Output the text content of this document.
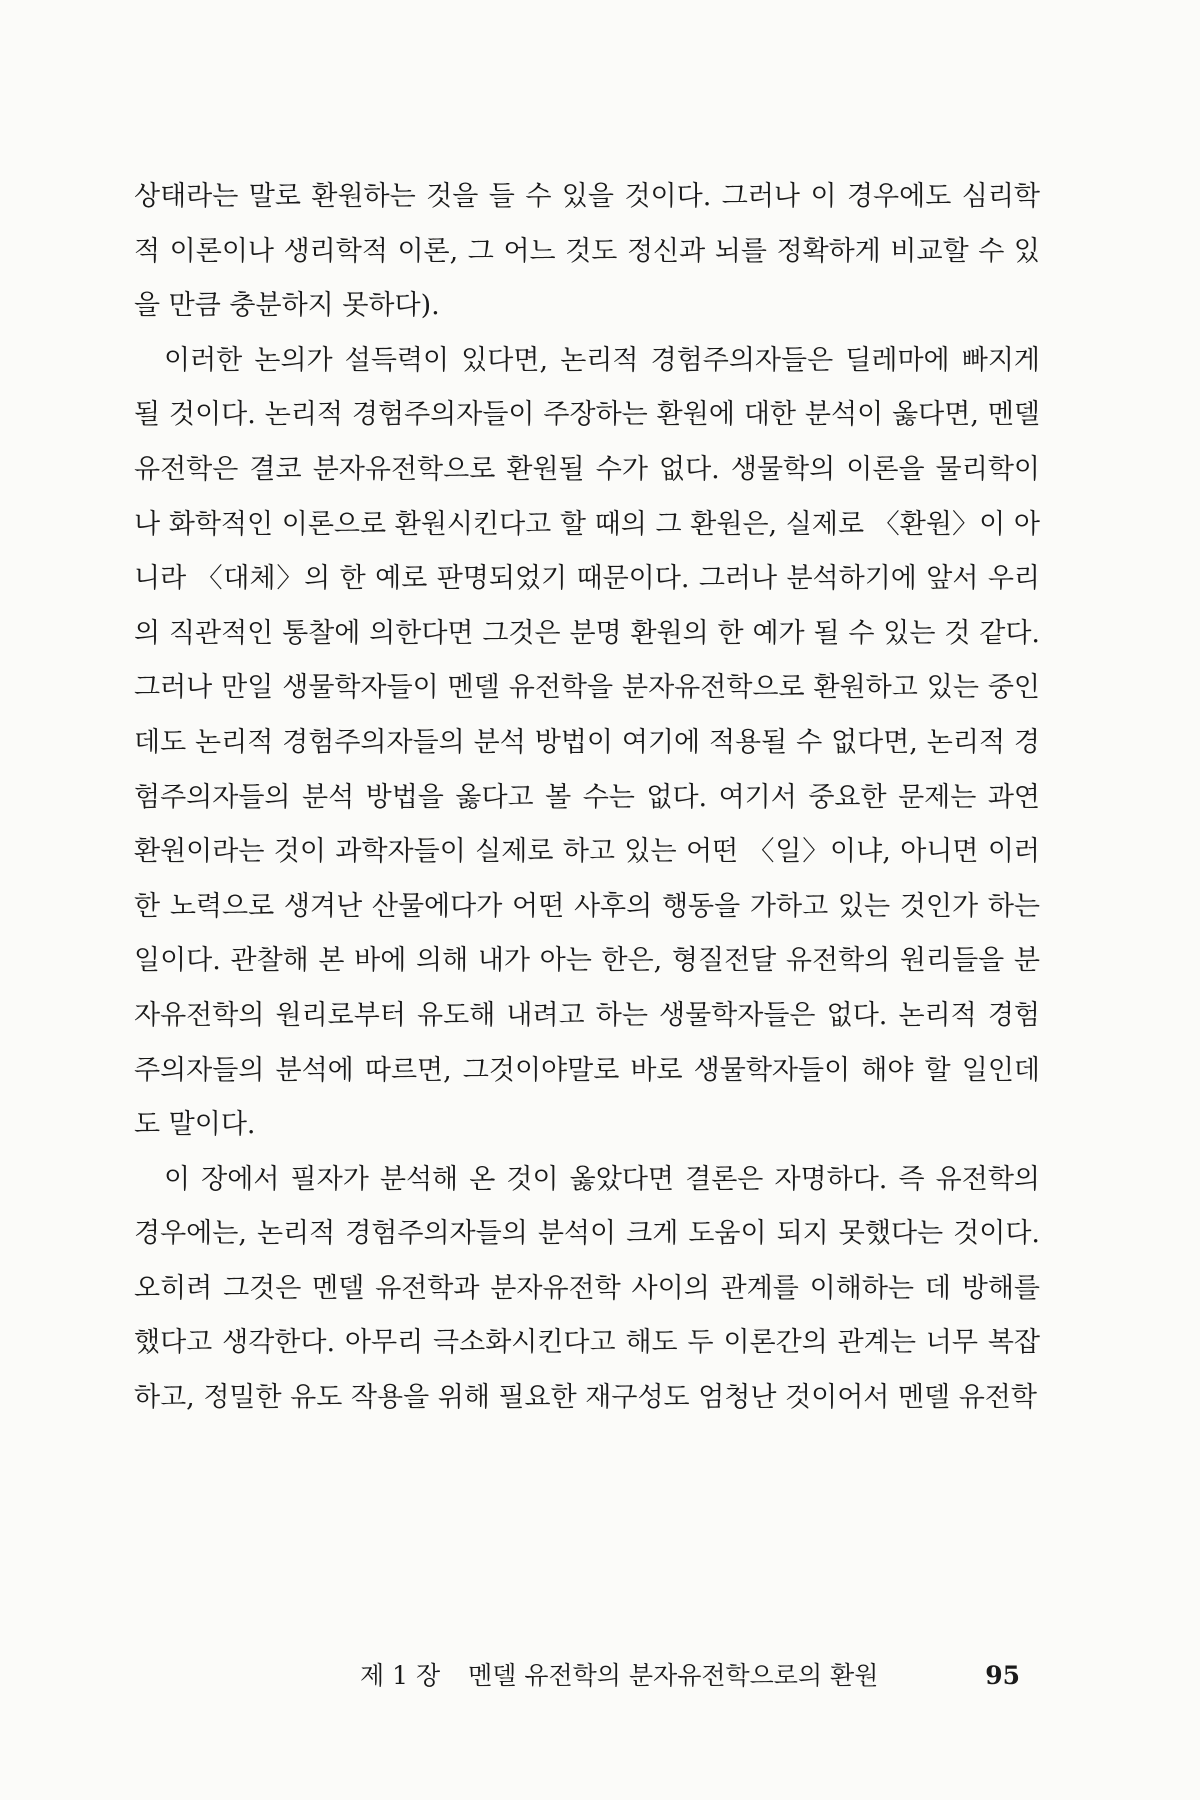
상태라는 말로 환원하는 것을 들 수 있을 것이다. 그러나 이 경우에도 심리학적 이론이나 생리학적 이론, 그 어느 것도 정신과 뇌를 정확하게 비교할 수 있을 만큼 충분하지 못하다).

이러한 논의가 설득력이 있다면, 논리적 경험주의자들은 딜레마에 빠지게 될 것이다. 논리적 경험주의자들이 주장하는 환원에 대한 분석이 옳다면, 멘델 유전학은 결코 분자유전학으로 환원될 수가 없다. 생물학의 이론을 물리학이나 화학적인 이론으로 환원시킨다고 할 때의 그 환원은, 실제로 〈환원〉이 아니라 〈대체〉의 한 예로 판명되었기 때문이다. 그러나 분석하기에 앞서 우리의 직관적인 통찰에 의한다면 그것은 분명 환원의 한 예가 될 수 있는 것 같다. 그러나 만일 생물학자들이 멘델 유전학을 분자유전학으로 환원하고 있는 중인데도 논리적 경험주의자들의 분석 방법이 여기에 적용될 수 없다면, 논리적 경험주의자들의 분석 방법을 옳다고 볼 수는 없다. 여기서 중요한 문제는 과연 환원이라는 것이 과학자들이 실제로 하고 있는 어떤 〈일〉이냐, 아니면 이러한 노력으로 생겨난 산물에다가 어떤 사후의 행동을 가하고 있는 것인가 하는 일이다. 관찰해 본 바에 의해 내가 아는 한은, 형질전달 유전학의 원리들을 분자유전학의 원리로부터 유도해 내려고 하는 생물학자들은 없다. 논리적 경험주의자들의 분석에 따르면, 그것이야말로 바로 생물학자들이 해야 할 일인데도 말이다.

이 장에서 필자가 분석해 온 것이 옳았다면 결론은 자명하다. 즉 유전학의 경우에는, 논리적 경험주의자들의 분석이 크게 도움이 되지 못했다는 것이다. 오히려 그것은 멘델 유전학과 분자유전학 사이의 관계를 이해하는 데 방해를 했다고 생각한다. 아무리 극소화시킨다고 해도 두 이론간의 관계는 너무 복잡하고, 정밀한 유도 작용을 위해 필요한 재구성도 엄청난 것이어서 멘델 유전학

제 1 장 멘델 유전학의 분자유전학으로의 환원	95
